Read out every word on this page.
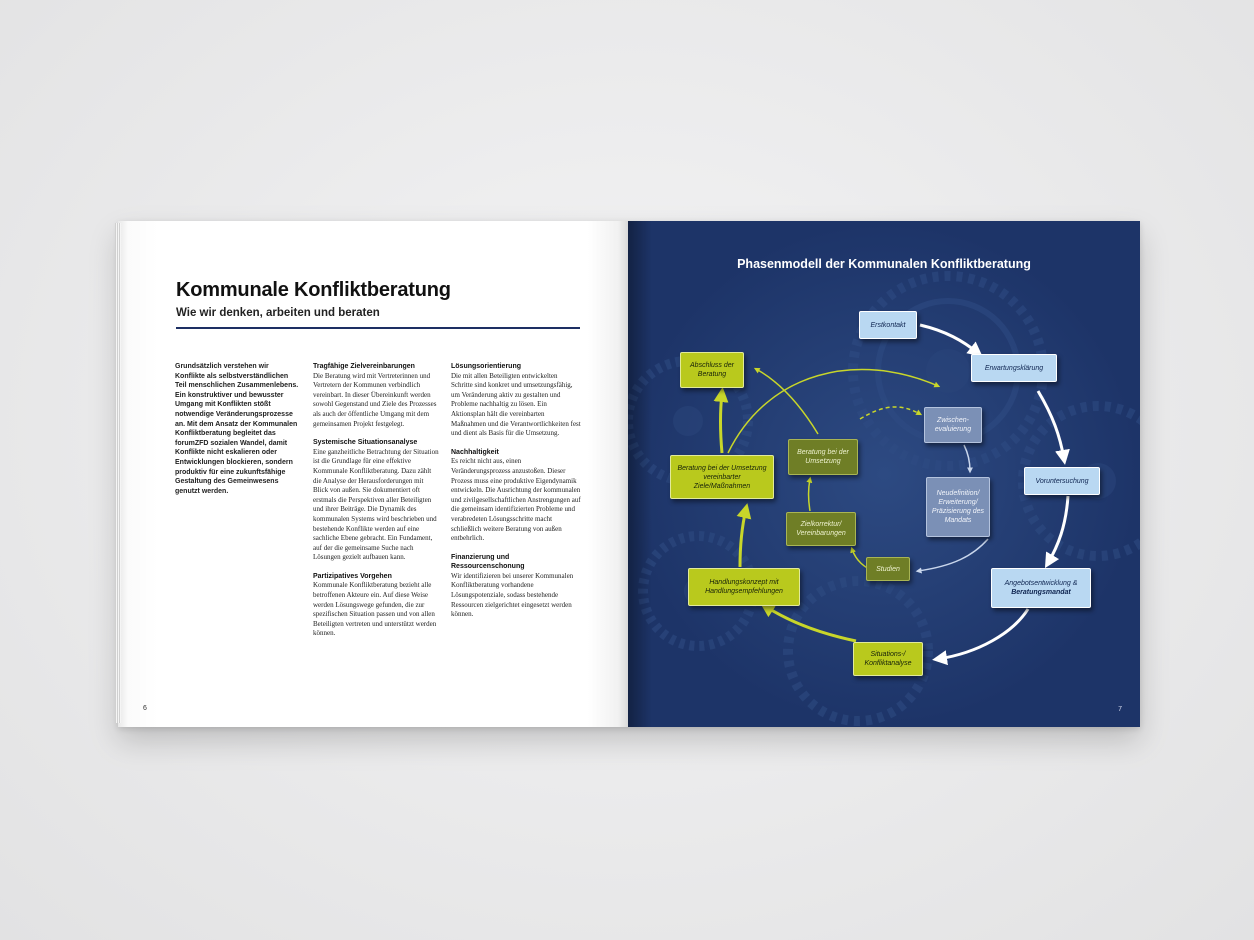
Kommunale Konfliktberatung
Wie wir denken, arbeiten und beraten

Grundsätzlich verstehen wir Konflikte als selbstverständlichen Teil menschlichen Zusammenlebens. Ein konstruktiver und bewusster Umgang mit Konflikten stößt notwendige Veränderungsprozesse an. Mit dem Ansatz der Kommunalen Konfliktberatung begleitet das forumZFD sozialen Wandel, damit Konflikte nicht eskalieren oder Entwicklungen blockieren, sondern produktiv für eine zukunftsfähige Gestaltung des Gemeinwesens genutzt werden.

Tragfähige Zielvereinbarungen

Die Beratung wird mit Vertreterinnen und Vertretern der Kommunen verbindlich vereinbart. In dieser Übereinkunft werden sowohl Gegenstand und Ziele des Prozesses als auch der öffentliche Umgang mit dem gemeinsamen Projekt festgelegt.

Systemische Situationsanalyse

Eine ganzheitliche Betrachtung der Situation ist die Grundlage für eine effektive Kommunale Konfliktberatung. Dazu zählt die Analyse der Herausforderungen mit Blick von außen. Sie dokumentiert oft erstmals die Perspektiven aller Beteiligten und ihrer Beiträge. Die Dynamik des kommunalen Systems wird beschrieben und bestehende Konflikte werden auf eine sachliche Ebene gebracht. Ein Fundament, auf der die gemeinsame Suche nach Lösungen gezielt aufbauen kann.

Partizipatives Vorgehen

Kommunale Konfliktberatung bezieht alle betroffenen Akteure ein. Auf diese Weise werden Lösungswege gefunden, die zur spezifischen Situation passen und von allen Beteiligten vertreten und unterstützt werden können.

Lösungsorientierung

Die mit allen Beteiligten entwickelten Schritte sind konkret und umsetzungsfähig, um Veränderung aktiv zu gestalten und Probleme nachhaltig zu lösen. Ein Aktionsplan hält die vereinbarten Maßnahmen und die Verantwortlichkeiten fest und dient als Basis für die Umsetzung.

Nachhaltigkeit

Es reicht nicht aus, einen Veränderungsprozess anzustoßen. Dieser Prozess muss eine produktive Eigendynamik entwickeln. Die Ausrichtung der kommunalen und zivilgesellschaftlichen Anstrengungen auf die gemeinsam identifizierten Probleme und verabredeten Lösungsschritte macht schließlich weitere Beratung von außen entbehrlich.

Finanzierung und Ressourcenschonung

Wir identifizieren bei unserer Kommunalen Konfliktberatung vorhandene Lösungspotenziale, sodass bestehende Ressourcen zielgerichtet eingesetzt werden können.

6
Phasenmodell der Kommunalen Konfliktberatung
Erstkontakt
Erwartungsklärung
Voruntersuchung
Angebotsentwicklung &
Beratungsmandat
Situations-/ Konfliktanalyse
Handlungskonzept mit Handlungsempfehlungen
Beratung bei der Umsetzung vereinbarter Ziele/Maßnahmen
Abschluss der Beratung
Beratung bei der Umsetzung
Zielkorrektur/ Vereinbarungen
Studien
Zwischen-evaluierung
Neudefinition/ Erweiterung/ Präzisierung des Mandats
7
